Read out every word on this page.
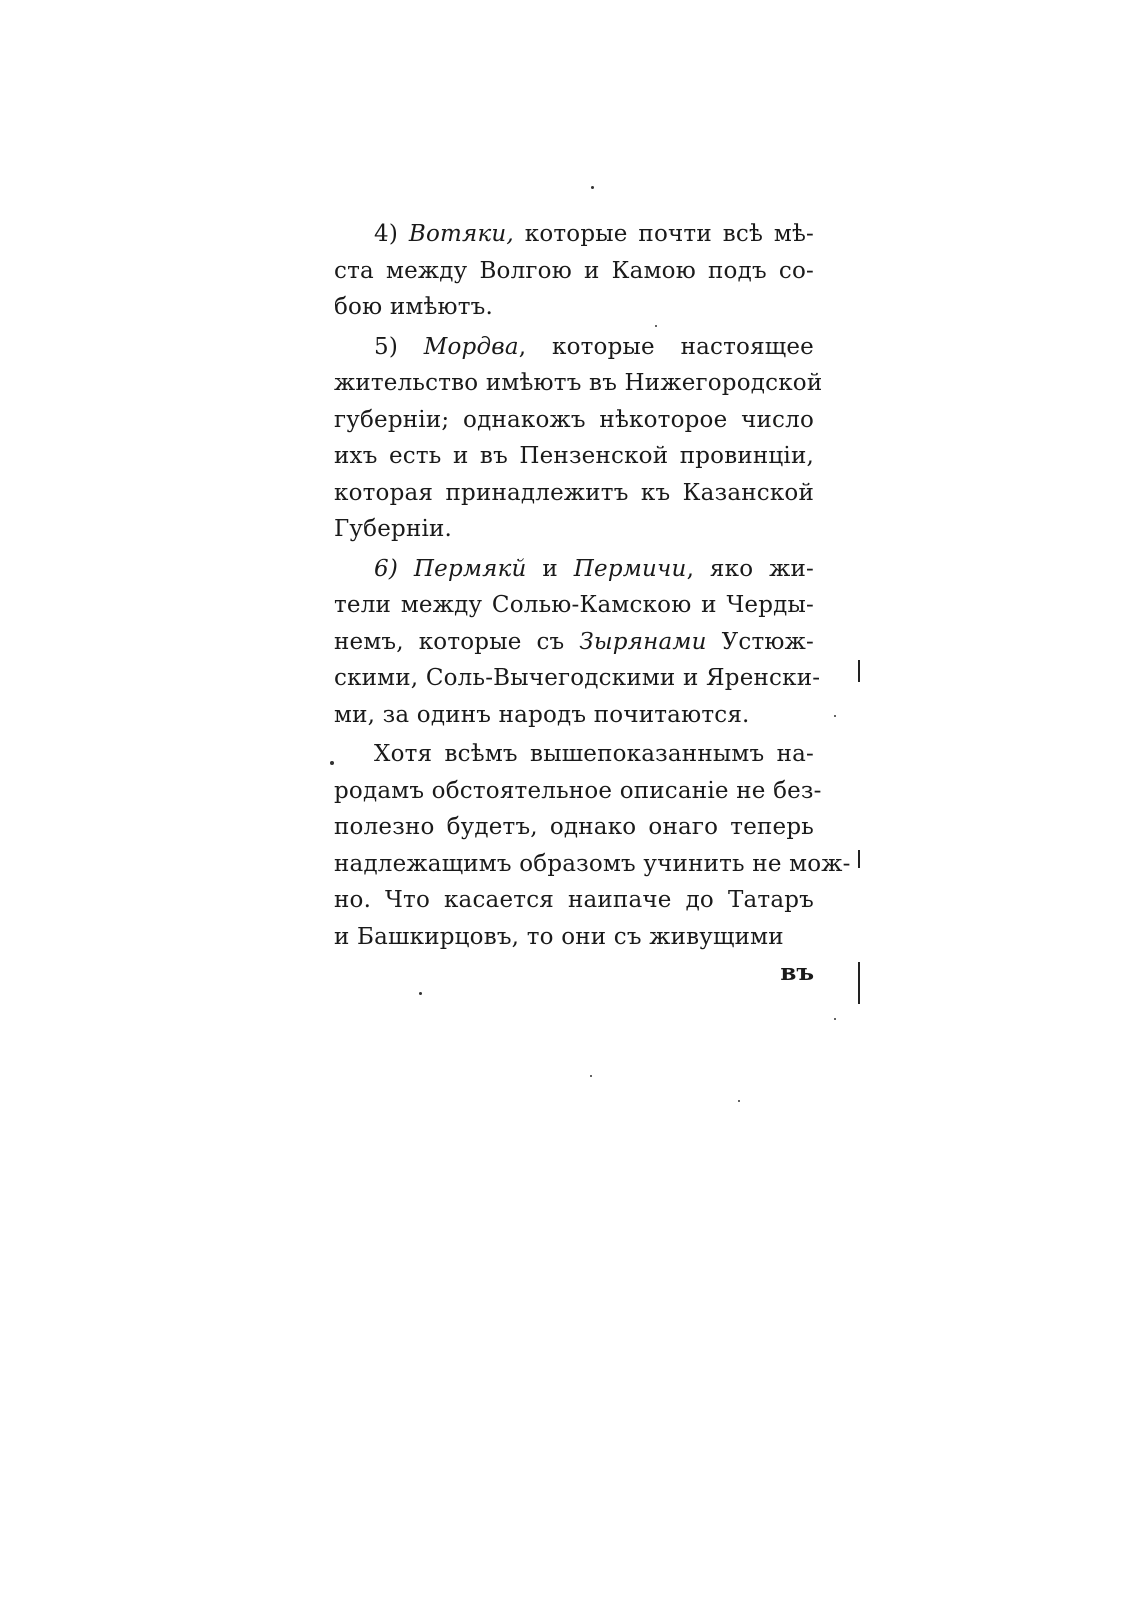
4) Вотяки, которые почти всѣ мѣ-
ста между Волгою и Камою подъ со-
бою имѣютъ.
5) Мордва, которые настоящее
жительство имѣютъ въ Нижегородской
губерніи; однакожъ нѣкоторое число
ихъ есть и въ Пензенской провинціи,
которая принадлежитъ къ Казанской
Губерніи.
6) Пермякй и Пермичи, яко жи-
тели между Солью-Камскою и Черды-
немъ, которые съ Зырянами Устюж-
скими, Соль-Вычегодскими и Яренски-
ми, за одинъ народъ почитаются.
Хотя всѣмъ вышепоказаннымъ на-
родамъ обстоятельное описаніе не без-
полезно будетъ, однако онаго теперь
надлежащимъ образомъ учинить не мож-
но. Что касается наипаче до Татаръ
и Башкирцовъ, то они съ живущими
въ
